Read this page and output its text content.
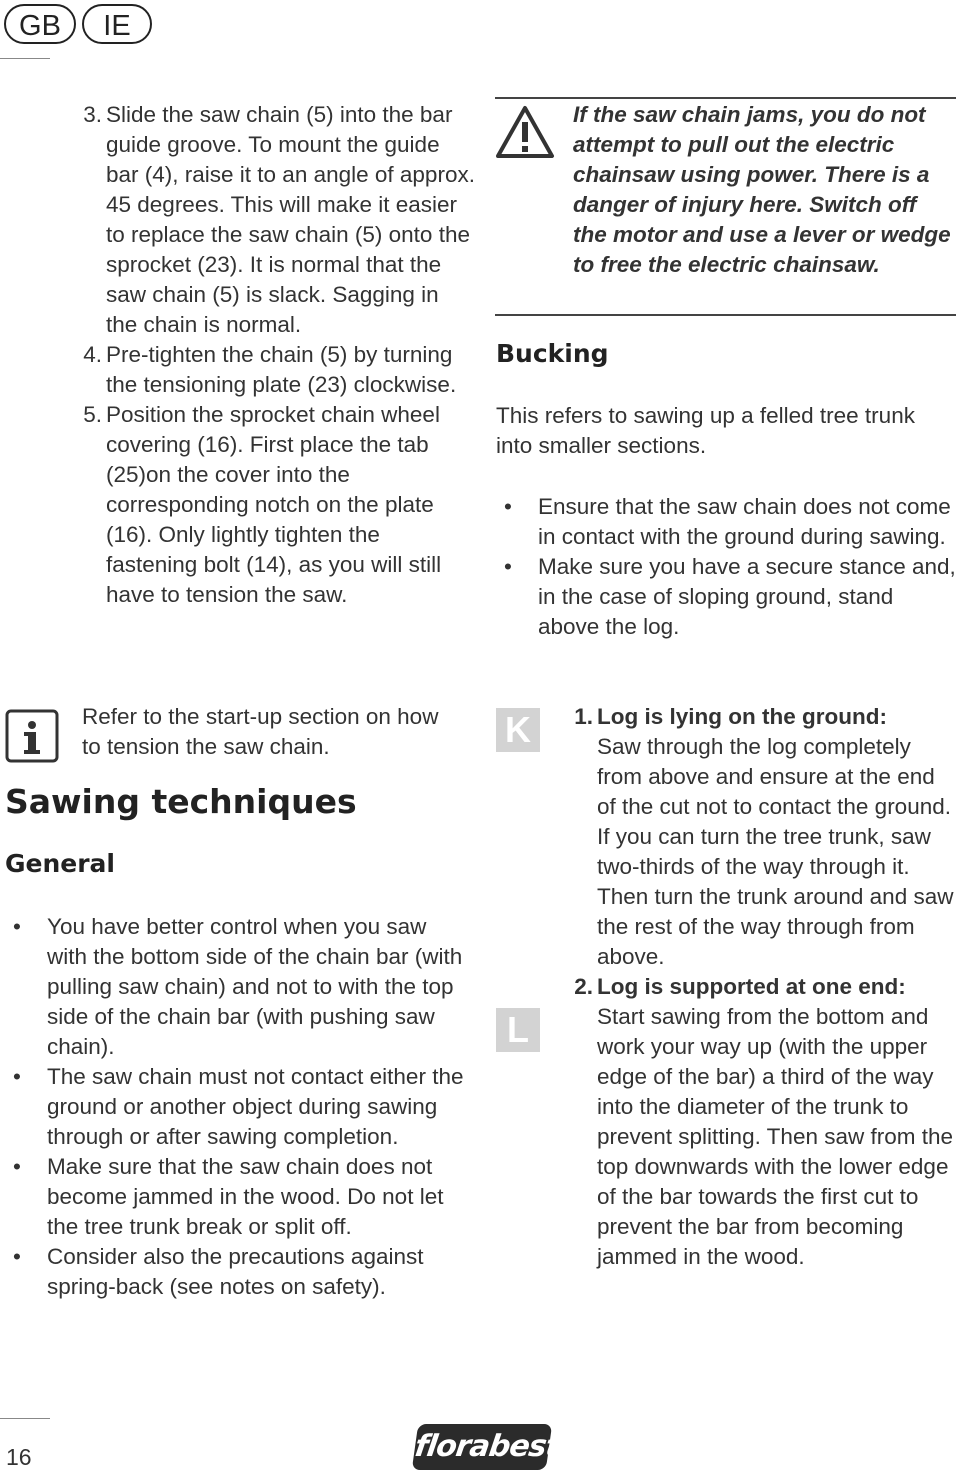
GB	IE
3. Slide the saw chain (5) into the bar guide groove. To mount the guide bar (4), raise it to an angle of approx. 45 degrees. This will make it easier to replace the saw chain (5) onto the sprocket (23). It is normal that the saw chain (5) is slack. Sagging in the chain is normal.
4. Pre-tighten the chain (5) by turning the tensioning plate (23) clockwise.
5. Position the sprocket chain wheel covering (16). First place the tab (25)on the cover into the corresponding notch on the plate (16). Only lightly tighten the fastening bolt (14), as you will still have to tension the saw.
Refer to the start-up section on how to tension the saw chain.
Sawing techniques
General
• You have better control when you saw with the bottom side of the chain bar (with pulling saw chain) and not to with the top side of the chain bar (with pushing saw chain).
• The saw chain must not contact either the ground or another object during sawing through or after sawing completion.
• Make sure that the saw chain does not become jammed in the wood. Do not let the tree trunk break or split off.
• Consider also the precautions against spring-back (see notes on safety).
If the saw chain jams, you do not attempt to pull out the electric chainsaw using power. There is a danger of injury here. Switch off the motor and use a lever or wedge to free the electric chainsaw.
Bucking
This refers to sawing up a felled tree trunk into smaller sections.
• Ensure that the saw chain does not come in contact with the ground during sawing.
• Make sure you have a secure stance and, in the case of sloping ground, stand above the log.
K
L
1. Log is lying on the ground:
Saw through the log completely from above and ensure at the end of the cut not to contact the ground. If you can turn the tree trunk, saw two-thirds of the way through it. Then turn the trunk around and saw the rest of the way through from above.
2. Log is supported at one end:
Start sawing from the bottom and work your way up (with the upper edge of the bar) a third of the way into the diameter of the trunk to prevent splitting. Then saw from the top downwards with the lower edge of the bar towards the first cut to prevent the bar from becoming jammed in the wood.
16	florabest
